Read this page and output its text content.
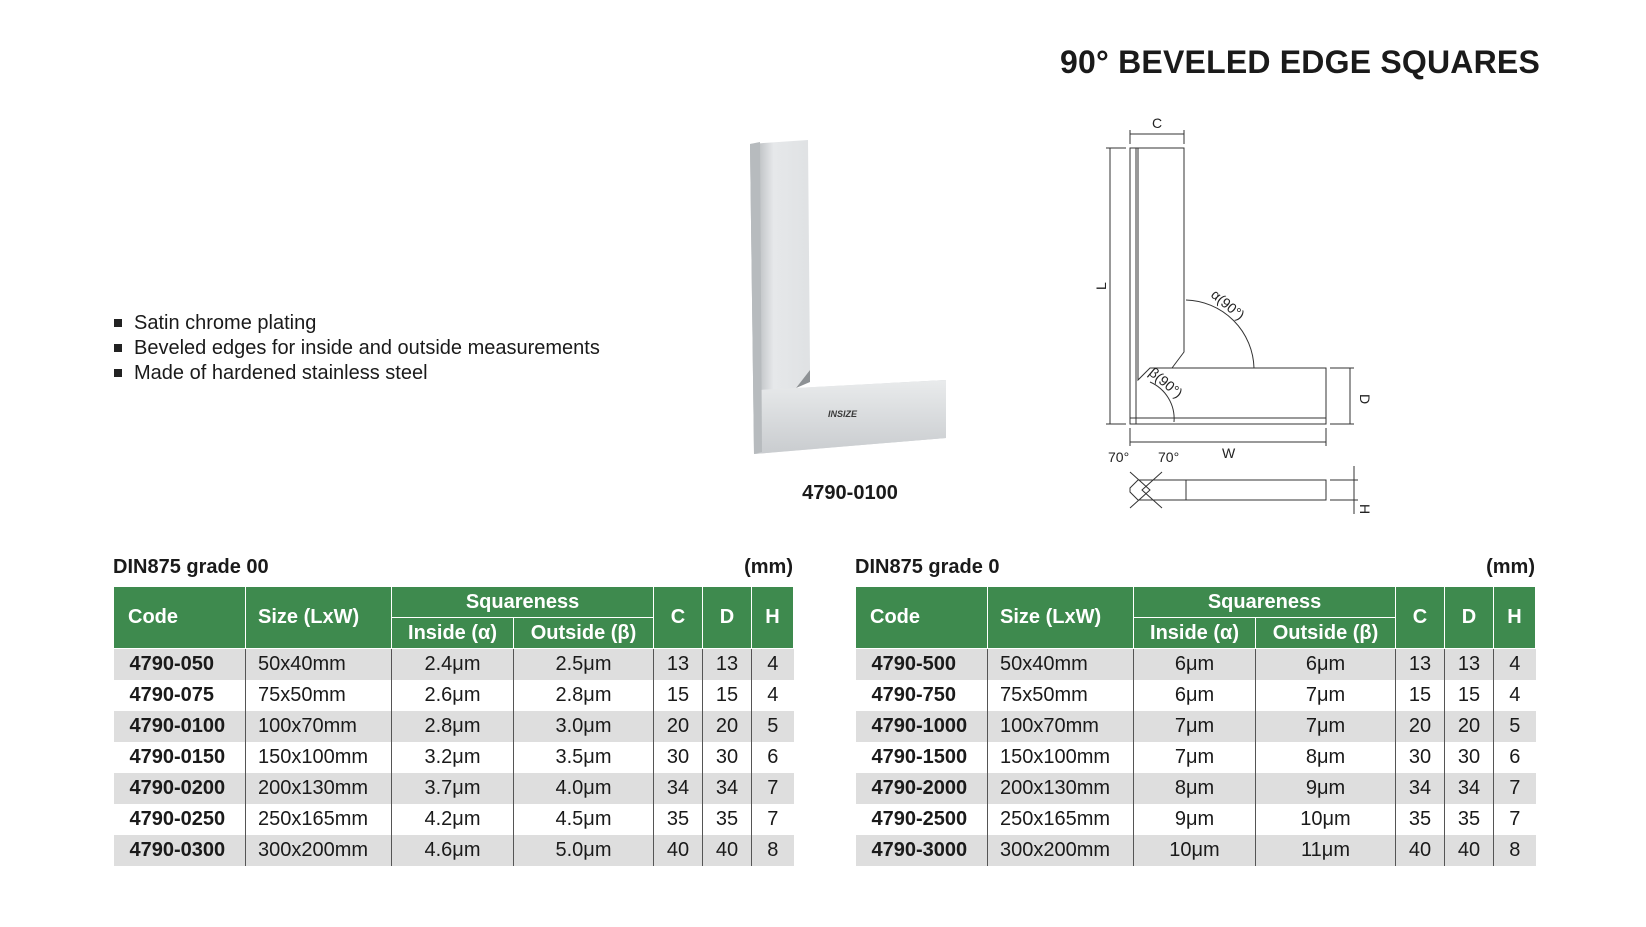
90° BEVELED EDGE SQUARES
Satin chrome plating
Beveled edges for inside and outside measurements
Made of hardened stainless steel
INSIZE
4790-0100
C
L
W
D
H
α(90°)
β(90°)
70° 70°
DIN875 grade 00	(mm)
Code	Size (LxW)	Squareness		C	D	H
		Inside (α)	Outside (β)			
4790-050	50x40mm	2.4μm	2.5μm	13	13	4
4790-075	75x50mm	2.6μm	2.8μm	15	15	4
4790-0100	100x70mm	2.8μm	3.0μm	20	20	5
4790-0150	150x100mm	3.2μm	3.5μm	30	30	6
4790-0200	200x130mm	3.7μm	4.0μm	34	34	7
4790-0250	250x165mm	4.2μm	4.5μm	35	35	7
4790-0300	300x200mm	4.6μm	5.0μm	40	40	8
DIN875 grade 0	(mm)
Code	Size (LxW)	Squareness		C	D	H
		Inside (α)	Outside (β)			
4790-500	50x40mm	6μm	6μm	13	13	4
4790-750	75x50mm	6μm	7μm	15	15	4
4790-1000	100x70mm	7μm	7μm	20	20	5
4790-1500	150x100mm	7μm	8μm	30	30	6
4790-2000	200x130mm	8μm	9μm	34	34	7
4790-2500	250x165mm	9μm	10μm	35	35	7
4790-3000	300x200mm	10μm	11μm	40	40	8
